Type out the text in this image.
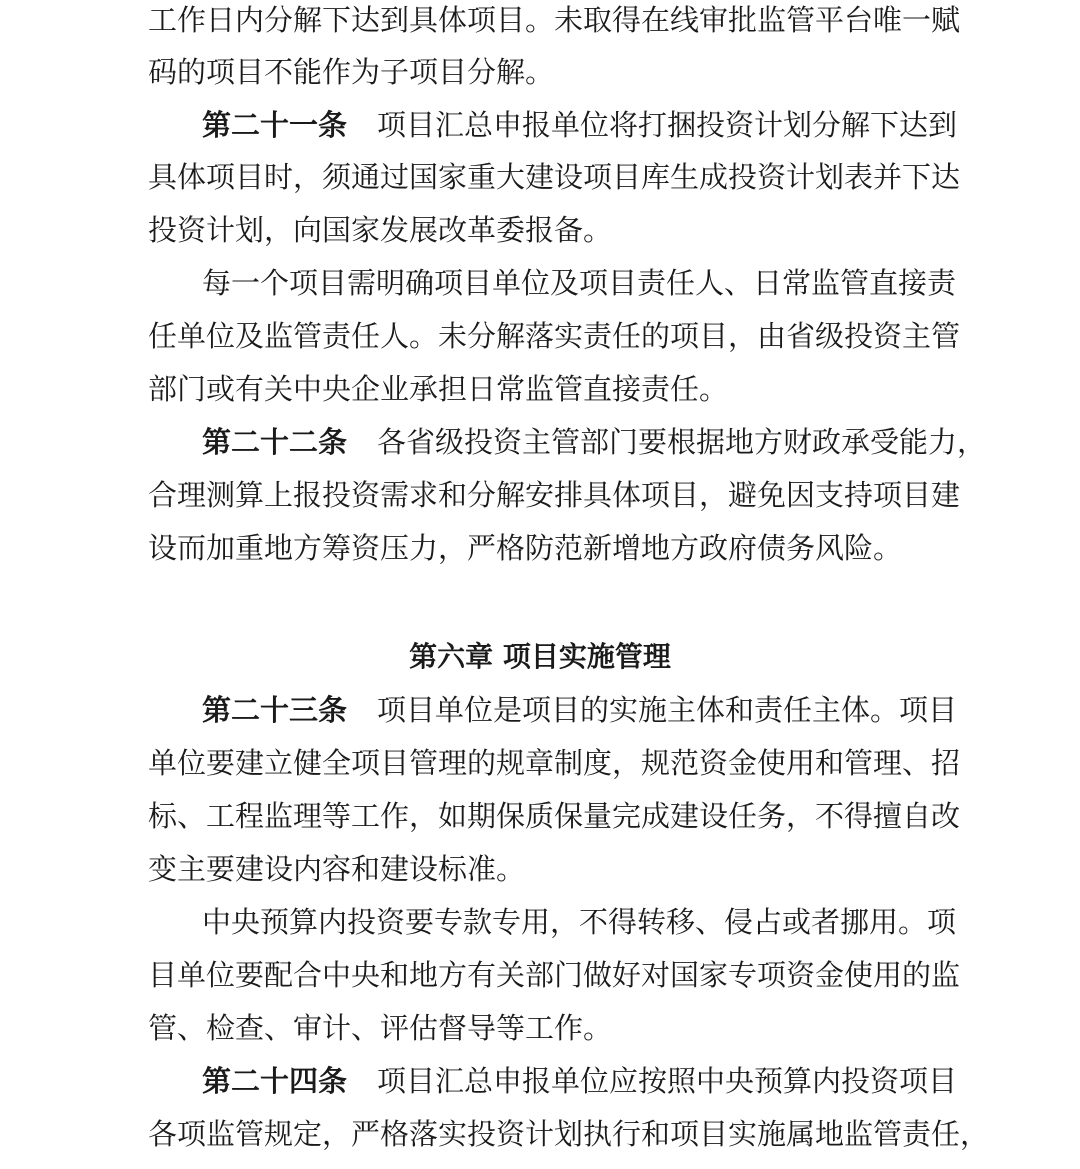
工作日内分解下达到具体项目。未取得在线审批监管平台唯一赋
码的项目不能作为子项目分解。
第二十一条 项目汇总申报单位将打捆投资计划分解下达到
具体项目时，须通过国家重大建设项目库生成投资计划表并下达
投资计划，向国家发展改革委报备。
每一个项目需明确项目单位及项目责任人、日常监管直接责
任单位及监管责任人。未分解落实责任的项目，由省级投资主管
部门或有关中央企业承担日常监管直接责任。
第二十二条 各省级投资主管部门要根据地方财政承受能力，
合理测算上报投资需求和分解安排具体项目，避免因支持项目建
设而加重地方筹资压力，严格防范新增地方政府债务风险。
第六章 项目实施管理
第二十三条 项目单位是项目的实施主体和责任主体。项目
单位要建立健全项目管理的规章制度，规范资金使用和管理、招
标、工程监理等工作，如期保质保量完成建设任务，不得擅自改
变主要建设内容和建设标准。
中央预算内投资要专款专用，不得转移、侵占或者挪用。项
目单位要配合中央和地方有关部门做好对国家专项资金使用的监
管、检查、审计、评估督导等工作。
第二十四条 项目汇总申报单位应按照中央预算内投资项目
各项监管规定，严格落实投资计划执行和项目实施属地监管责任，
